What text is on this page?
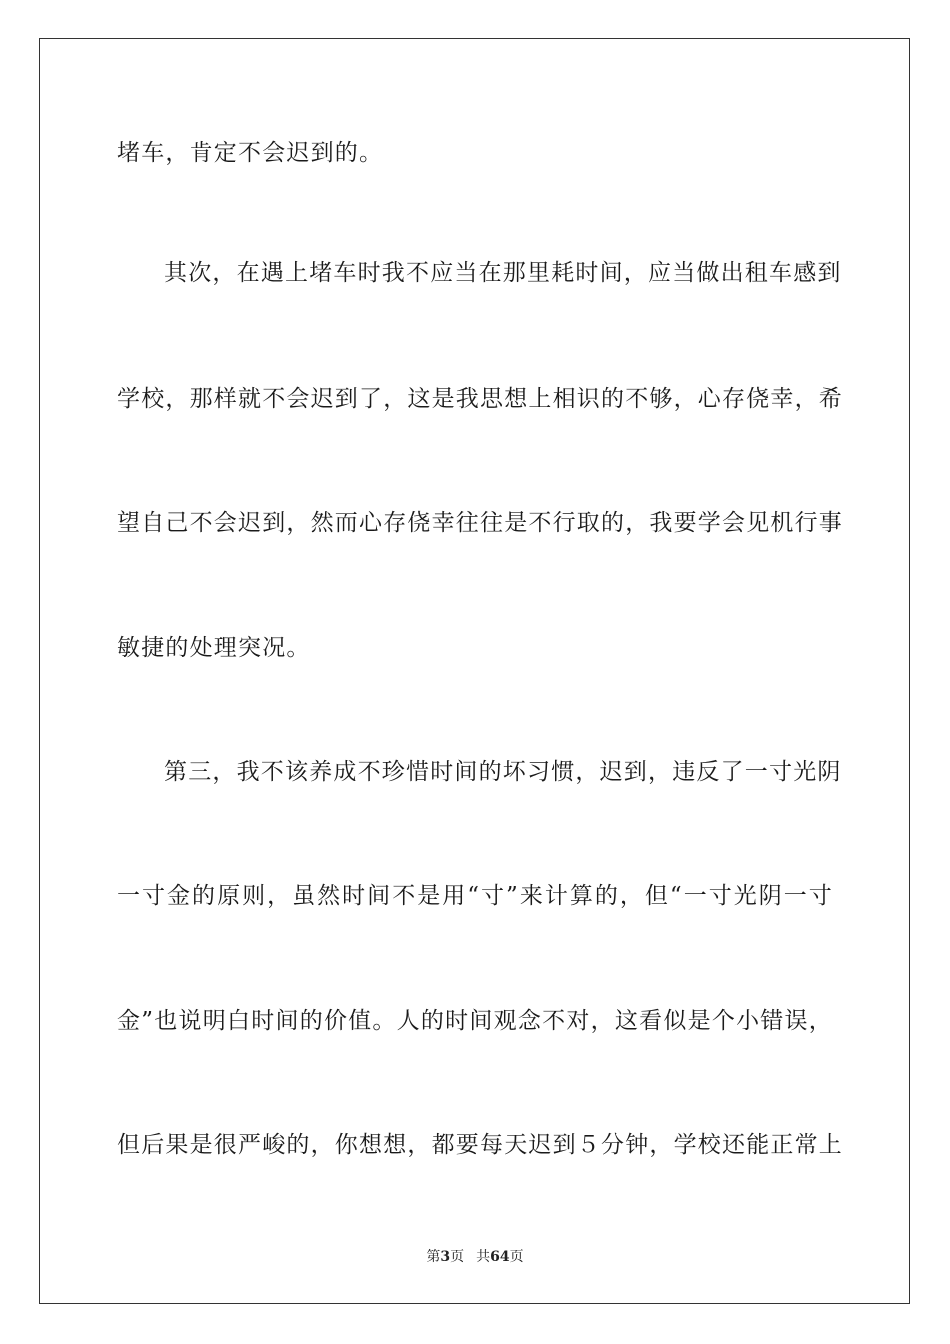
堵车，肯定不会迟到的。
其次，在遇上堵车时我不应当在那里耗时间，应当做出租车感到
学校，那样就不会迟到了，这是我思想上相识的不够，心存侥幸，希
望自己不会迟到，然而心存侥幸往往是不行取的，我要学会见机行事
敏捷的处理突况。
第三，我不该养成不珍惜时间的坏习惯，迟到，违反了一寸光阴
一寸金的原则，虽然时间不是用“寸”来计算的，但“一寸光阴一寸
金”也说明白时间的价值。人的时间观念不对，这看似是个小错误，
但后果是很严峻的，你想想，都要每天迟到５分钟，学校还能正常上
第3页 共64页
